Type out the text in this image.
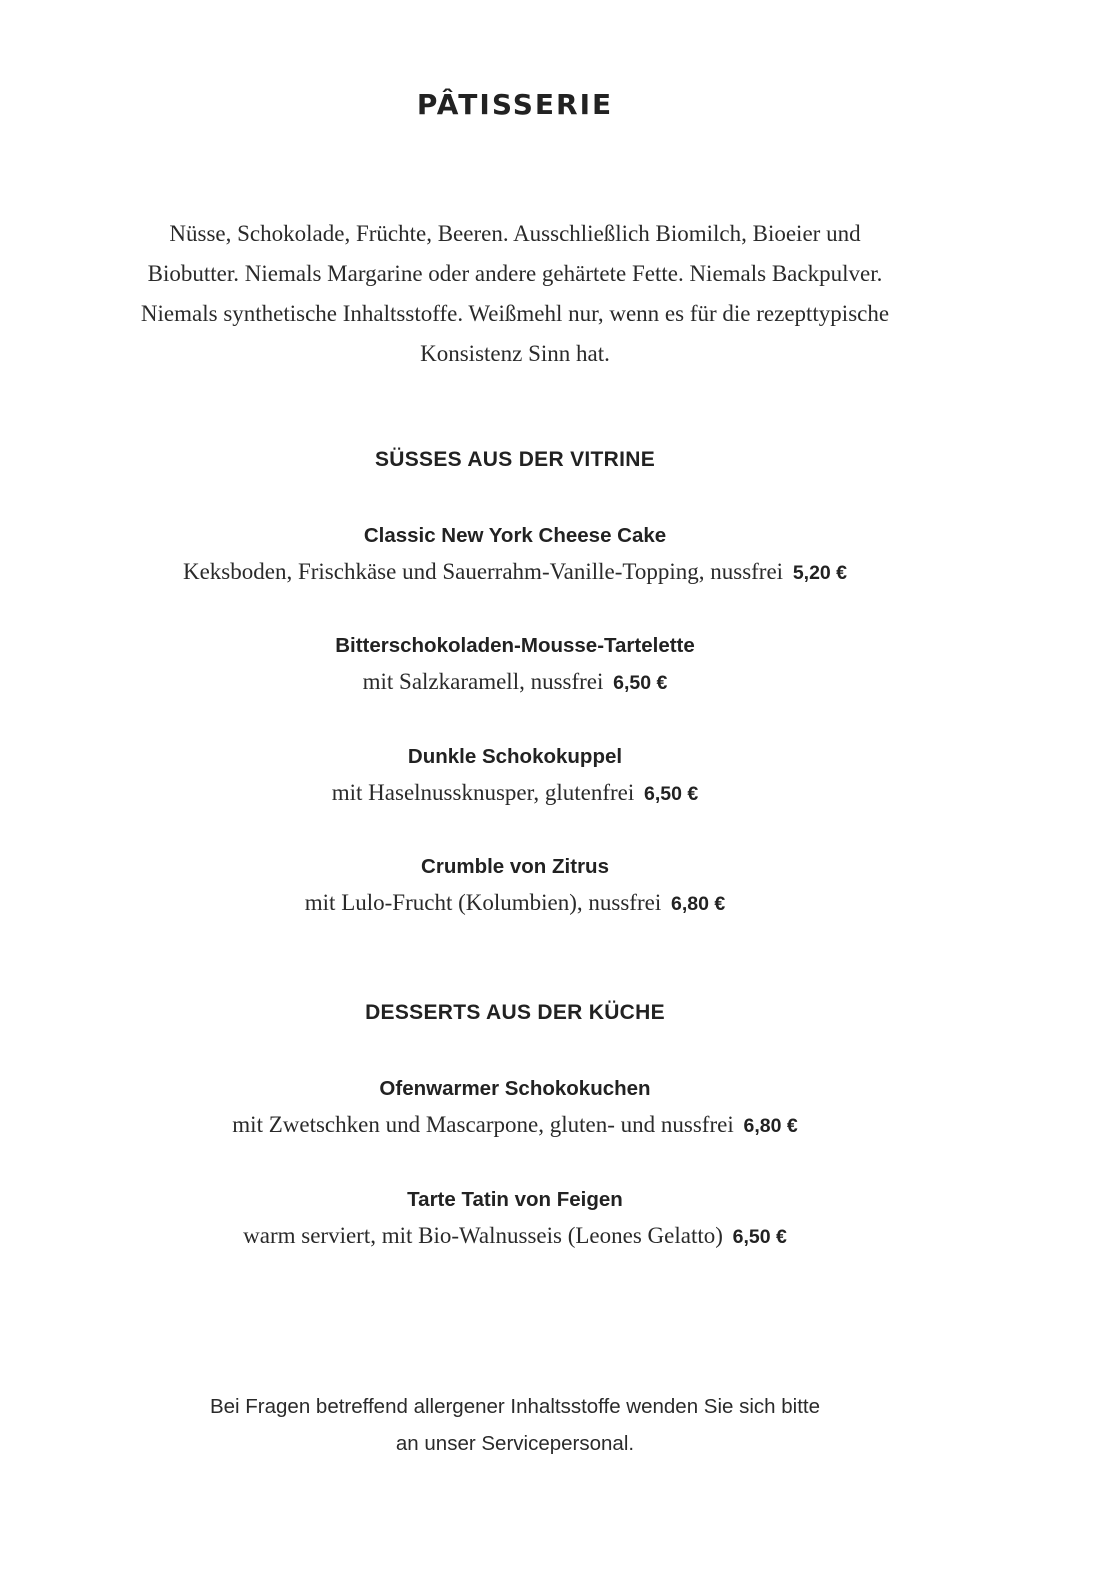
PÂTISSERIE
Nüsse, Schokolade, Früchte, Beeren. Ausschließlich Biomilch, Bioeier und
Biobutter. Niemals Margarine oder andere gehärtete Fette. Niemals Backpulver.
Niemals synthetische Inhaltsstoffe. Weißmehl nur, wenn es für die rezepttypische
Konsistenz Sinn hat.
SÜSSES AUS DER VITRINE
Classic New York Cheese Cake
Keksboden, Frischkäse und Sauerrahm-Vanille-Topping, nussfrei 5,20 €
Bitterschokoladen-Mousse-Tartelette
mit Salzkaramell, nussfrei 6,50 €
Dunkle Schokokuppel
mit Haselnussknusper, glutenfrei 6,50 €
Crumble von Zitrus
mit Lulo-Frucht (Kolumbien), nussfrei 6,80 €
DESSERTS AUS DER KÜCHE
Ofenwarmer Schokokuchen
mit Zwetschken und Mascarpone, gluten- und nussfrei 6,80 €
Tarte Tatin von Feigen
warm serviert, mit Bio-Walnusseis (Leones Gelatto) 6,50 €
Bei Fragen betreffend allergener Inhaltsstoffe wenden Sie sich bitte
an unser Servicepersonal.
